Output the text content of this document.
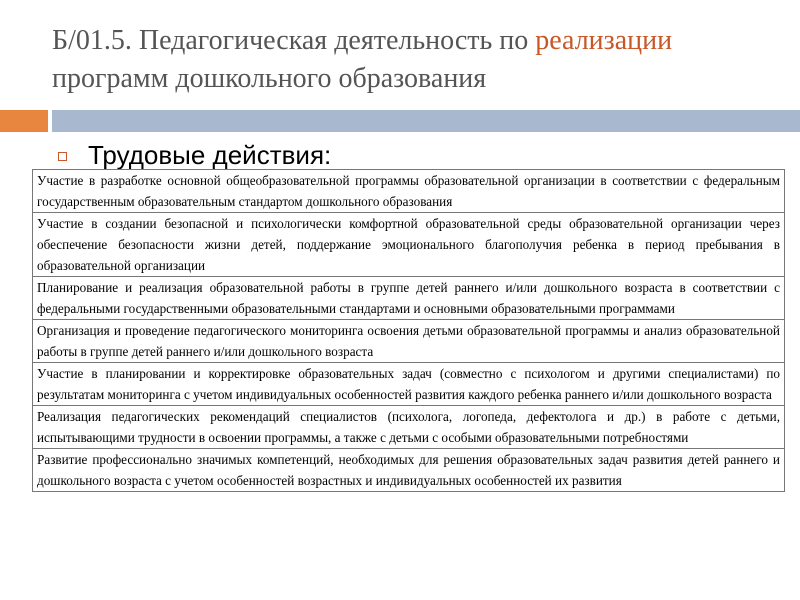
Б/01.5. Педагогическая деятельность по реализации
программ дошкольного образования
Трудовые действия:
Участие в разработке основной общеобразовательной программы образовательной организации в соответствии с федеральным государственным образовательным стандартом дошкольного образования
Участие в создании безопасной и психологически комфортной образовательной среды образовательной организации через обеспечение безопасности жизни детей, поддержание эмоционального благополучия ребенка в период пребывания в образовательной организации
Планирование и реализация образовательной работы в группе детей раннего и/или дошкольного возраста в соответствии с федеральными государственными образовательными стандартами и основными образовательными программами
Организация и проведение педагогического мониторинга освоения детьми образовательной программы и анализ образовательной работы в группе детей раннего и/или дошкольного возраста
Участие в планировании и корректировке образовательных задач (совместно с психологом и другими специалистами) по результатам мониторинга с учетом индивидуальных особенностей развития каждого ребенка раннего и/или дошкольного возраста
Реализация педагогических рекомендаций специалистов (психолога, логопеда, дефектолога и др.) в работе с детьми, испытывающими трудности в освоении программы, а также с детьми с особыми образовательными потребностями
Развитие профессионально значимых компетенций, необходимых для решения образовательных задач развития детей раннего и дошкольного возраста с учетом особенностей возрастных и индивидуальных особенностей их развития
